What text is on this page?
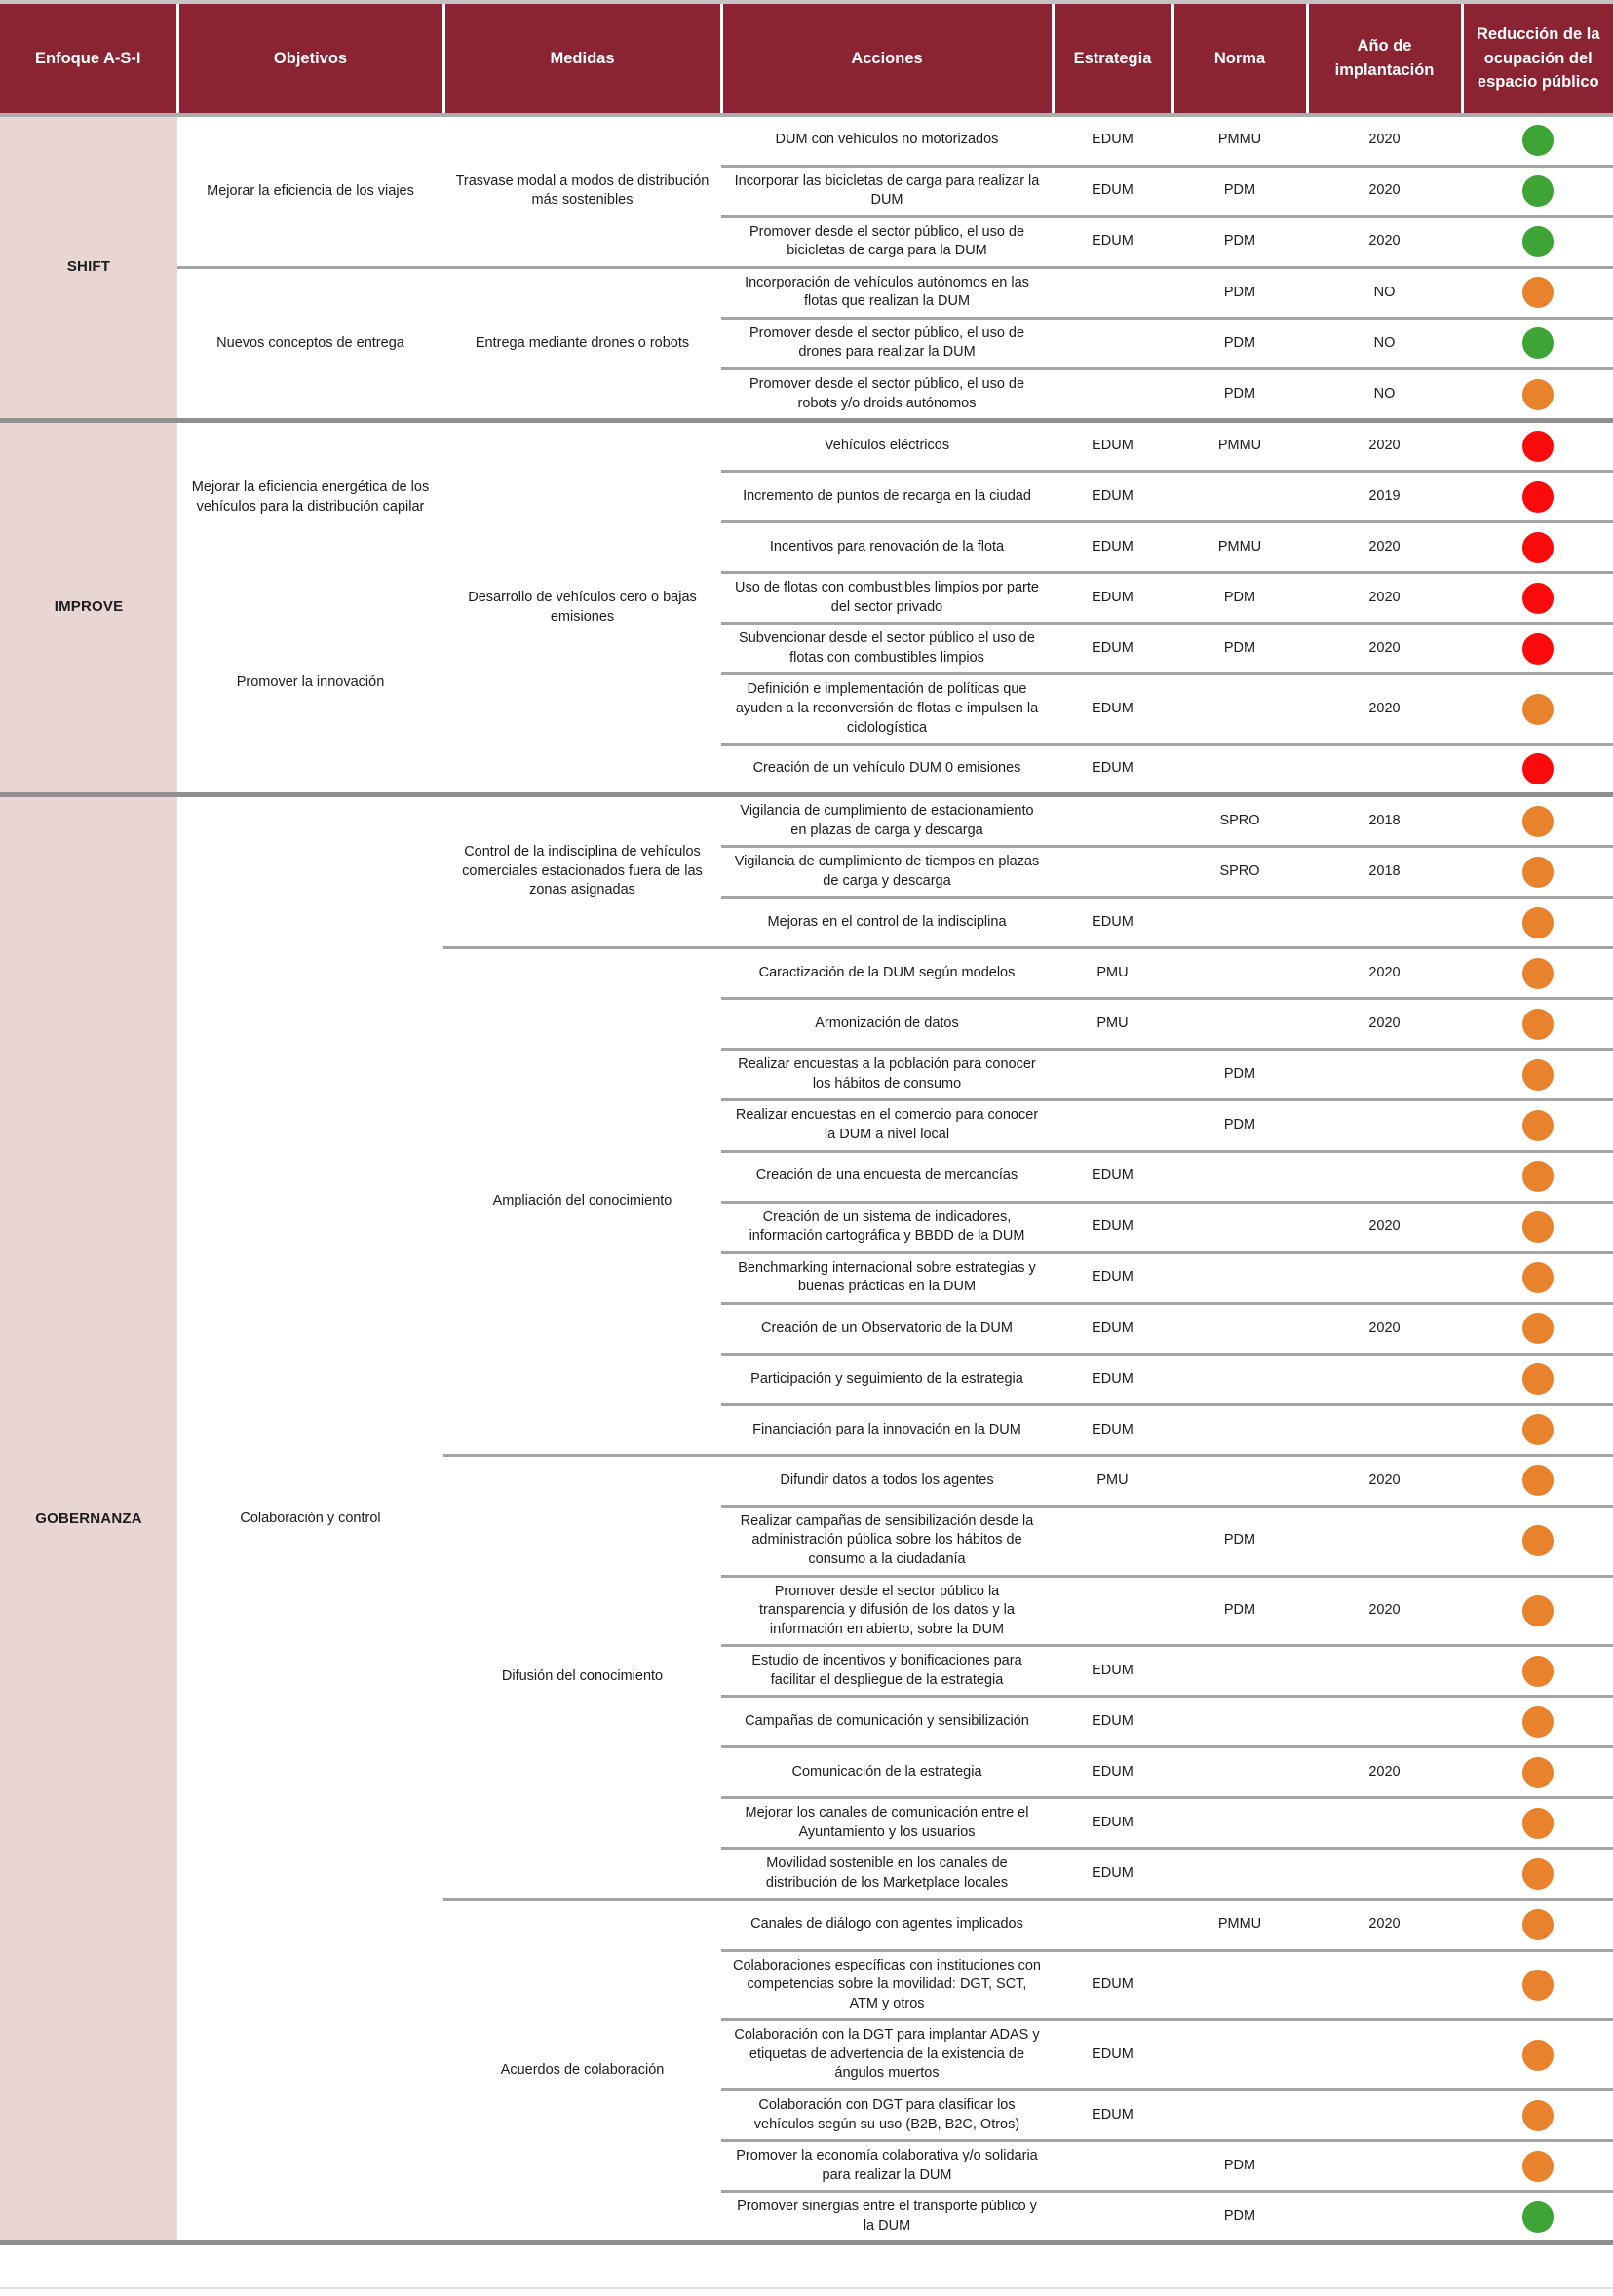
Enfoque A-S-I	Objetivos	Medidas	Acciones	Estrategia	Norma	Año de implantación	Reducción de la ocupación del espacio público
SHIFT	Mejorar la eficiencia de los viajes	Trasvase modal a modos de distribución más sostenibles	DUM con vehículos no motorizados	EDUM	PMMU	2020	
			Incorporar las bicicletas de carga para realizar la DUM	EDUM	PDM	2020	
			Promover desde el sector público, el uso de bicicletas de carga para la DUM	EDUM	PDM	2020	
	Nuevos conceptos de entrega	Entrega mediante drones o robots	Incorporación de vehículos autónomos en las flotas que realizan la DUM		PDM	NO	
			Promover desde el sector público, el uso de drones para realizar la DUM		PDM	NO	
			Promover desde el sector público, el uso de robots y/o droids autónomos		PDM	NO	
IMPROVE	Mejorar la eficiencia energética de los vehículos para la distribución capilar	Desarrollo de vehículos cero o bajas emisiones	Vehículos eléctricos	EDUM	PMMU	2020	
			Incremento de puntos de recarga en la ciudad	EDUM		2019	
			Incentivos para renovación de la flota	EDUM	PMMU	2020	
	Promover la innovación		Uso de flotas con combustibles limpios por parte del sector privado	EDUM	PDM	2020	
			Subvencionar desde el sector público el uso de flotas con combustibles limpios	EDUM	PDM	2020	
			Definición e implementación de políticas que ayuden a la reconversión de flotas e impulsen la ciclologística	EDUM		2020	
			Creación de un vehículo DUM 0 emisiones	EDUM			
GOBERNANZA	Colaboración y control	Control de la indisciplina de vehículos comerciales estacionados fuera de las zonas asignadas	Vigilancia de cumplimiento de estacionamiento en plazas de carga y descarga		SPRO	2018	
			Vigilancia de cumplimiento de tiempos en plazas de carga y descarga		SPRO	2018	
			Mejoras en el control de la indisciplina	EDUM			
		Ampliación del conocimiento	Caractización de la DUM según modelos	PMU		2020	
			Armonización de datos	PMU		2020	
			Realizar encuestas a la población para conocer los hábitos de consumo		PDM		
			Realizar encuestas en el comercio para conocer la DUM a nivel local		PDM		
			Creación de una encuesta de mercancías	EDUM			
			Creación de un sistema de indicadores, información cartográfica y BBDD de la DUM	EDUM		2020	
			Benchmarking internacional sobre estrategias y buenas prácticas en la DUM	EDUM			
			Creación de un Observatorio de la DUM	EDUM		2020	
			Participación y seguimiento de la estrategia	EDUM			
			Financiación para la innovación en la DUM	EDUM			
		Difusión del conocimiento	Difundir datos a todos los agentes	PMU		2020	
			Realizar campañas de sensibilización desde la administración pública sobre los hábitos de consumo a la ciudadanía		PDM		
			Promover desde el sector público la transparencia y difusión de los datos y la información en abierto, sobre la DUM		PDM	2020	
			Estudio de incentivos y bonificaciones para facilitar el despliegue de la estrategia	EDUM			
			Campañas de comunicación y sensibilización	EDUM			
			Comunicación de la estrategia	EDUM		2020	
			Mejorar los canales de comunicación entre el Ayuntamiento y los usuarios	EDUM			
			Movilidad sostenible en los canales de distribución de los Marketplace locales	EDUM			
		Acuerdos de colaboración	Canales de diálogo con agentes implicados		PMMU	2020	
			Colaboraciones específicas con instituciones con competencias sobre la movilidad: DGT, SCT, ATM y otros	EDUM			
			Colaboración con la DGT para implantar ADAS y etiquetas de advertencia de la existencia de ángulos muertos	EDUM			
			Colaboración con DGT para clasificar los vehículos según su uso (B2B, B2C, Otros)	EDUM			
			Promover la economía colaborativa y/o solidaria para realizar la DUM		PDM		
			Promover sinergias entre el transporte público y la DUM		PDM		
